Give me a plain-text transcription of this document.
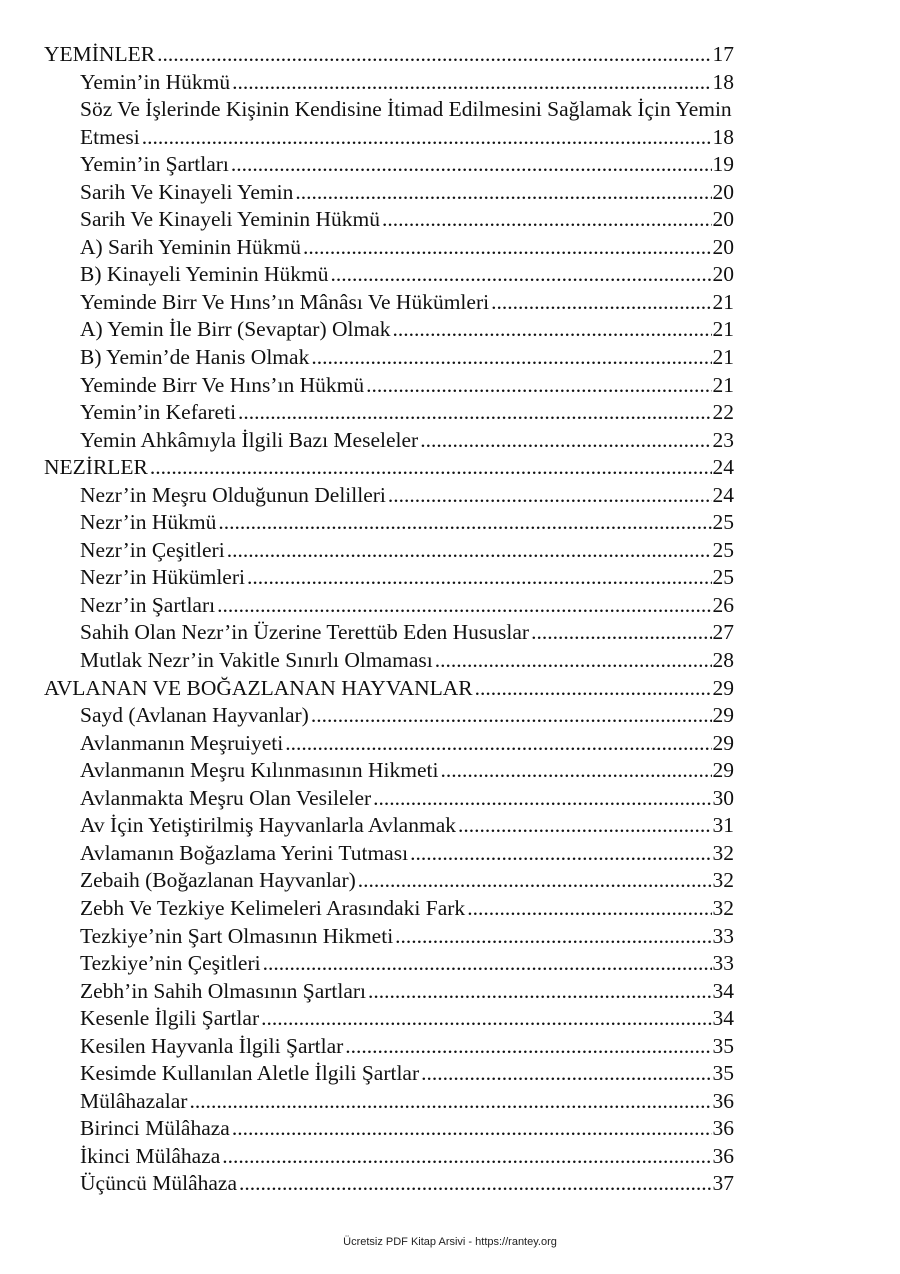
YEMİNLER .....	17
Yemin’in Hükmü .....	18
Söz Ve İşlerinde Kişinin Kendisine İtimad Edilmesini Sağlamak İçin Yemin
Etmesi .....	18
Yemin’in Şartları .....	19
Sarih Ve Kinayeli Yemin .....	20
Sarih Ve Kinayeli Yeminin Hükmü .....	20
A) Sarih Yeminin Hükmü .....	20
B) Kinayeli Yeminin Hükmü .....	20
Yeminde Birr Ve Hıns’ın Mânâsı Ve Hükümleri .....	21
A) Yemin İle Birr (Sevaptar) Olmak .....	21
B) Yemin’de Hanis Olmak .....	21
Yeminde Birr Ve Hıns’ın Hükmü .....	21
Yemin’in Kefareti .....	22
Yemin Ahkâmıyla İlgili Bazı Meseleler .....	23
NEZİRLER .....	24
Nezr’in Meşru Olduğunun Delilleri .....	24
Nezr’in Hükmü .....	25
Nezr’in Çeşitleri .....	25
Nezr’in Hükümleri .....	25
Nezr’in Şartları .....	26
Sahih Olan Nezr’in Üzerine Terettüb Eden Hususlar .....	27
Mutlak Nezr’in Vakitle Sınırlı Olmaması .....	28
AVLANAN VE BOĞAZLANAN HAYVANLAR .....	29
Sayd (Avlanan Hayvanlar) .....	29
Avlanmanın Meşruiyeti .....	29
Avlanmanın Meşru Kılınmasının Hikmeti .....	29
Avlanmakta Meşru Olan Vesileler .....	30
Av İçin Yetiştirilmiş Hayvanlarla Avlanmak .....	31
Avlamanın Boğazlama Yerini Tutması .....	32
Zebaih (Boğazlanan Hayvanlar) .....	32
Zebh Ve Tezkiye Kelimeleri Arasındaki Fark .....	32
Tezkiye’nin Şart Olmasının Hikmeti .....	33
Tezkiye’nin Çeşitleri .....	33
Zebh’in Sahih Olmasının Şartları .....	34
Kesenle İlgili Şartlar .....	34
Kesilen Hayvanla İlgili Şartlar .....	35
Kesimde Kullanılan Aletle İlgili Şartlar .....	35
Mülâhazalar .....	36
Birinci Mülâhaza .....	36
İkinci Mülâhaza .....	36
Üçüncü Mülâhaza .....	37
Ücretsiz PDF Kitap Arsivi - https://rantey.org
